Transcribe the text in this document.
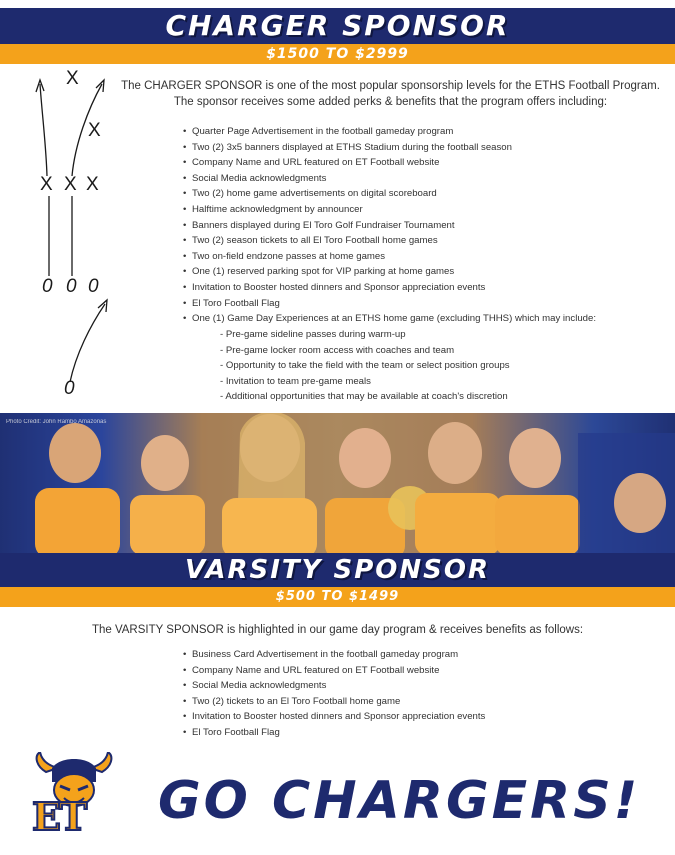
CHARGER SPONSOR
$1500 TO $2999
X
X
X X X
0 0 0
0
The CHARGER SPONSOR is one of the most popular sponsorship levels for the ETHS Football Program.
The sponsor receives some added perks & benefits that the program offers including:
• Quarter Page Advertisement in the football gameday program
• Two (2) 3x5 banners displayed at ETHS Stadium during the football season
• Company Name and URL featured on ET Football website
• Social Media acknowledgments
• Two (2) home game advertisements on digital scoreboard
• Halftime acknowledgment by announcer
• Banners displayed during El Toro Golf Fundraiser Tournament
• Two (2) season tickets to all El Toro Football home games
• Two on-field endzone passes at home games
• One (1) reserved parking spot for VIP parking at home games
• Invitation to Booster hosted dinners and Sponsor appreciation events
• El Toro Football Flag
• One (1) Game Day Experiences at an ETHS home game (excluding THHS) which may include:
- Pre-game sideline passes during warm-up
- Pre-game locker room access with coaches and team
- Opportunity to take the field with the team or select position groups
- Invitation to team pre-game meals
- Additional opportunities that may be available at coach's discretion
Photo Credit: John Rambo Amazonas
VARSITY SPONSOR
$500 TO $1499
The VARSITY SPONSOR is highlighted in our game day program & receives benefits as follows:
• Business Card Advertisement in the football gameday program
• Company Name and URL featured on ET Football website
• Social Media acknowledgments
• Two (2) tickets to an El Toro Football home game
• Invitation to Booster hosted dinners and Sponsor appreciation events
• El Toro Football Flag
ET GO CHARGERS!
